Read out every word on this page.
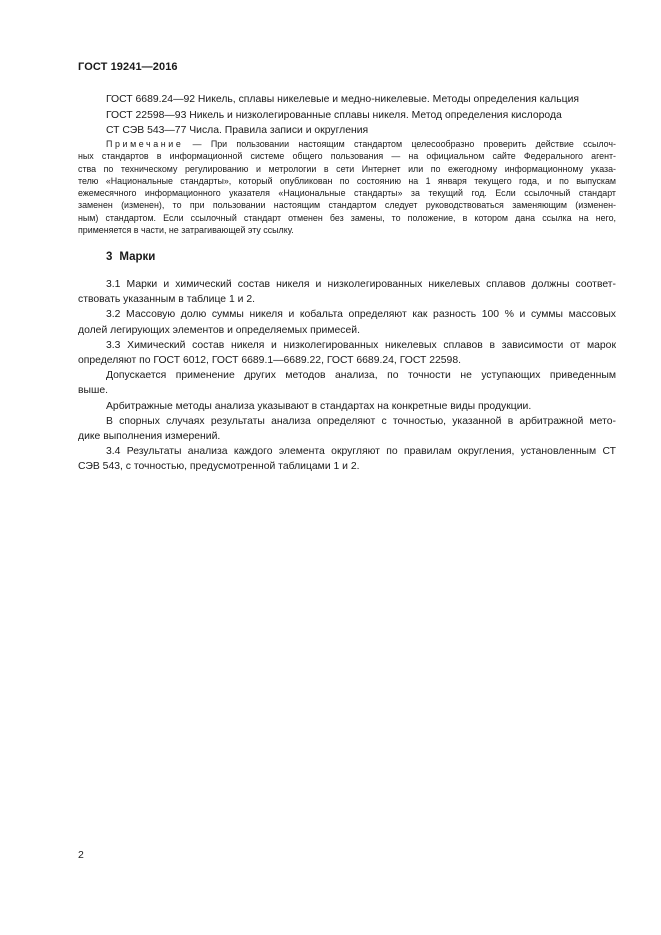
ГОСТ 19241—2016
ГОСТ 6689.24—92 Никель, сплавы никелевые и медно-никелевые. Методы определения кальция
ГОСТ 22598—93 Никель и низколегированные сплавы никеля. Метод определения кислорода
СТ СЭВ 543—77 Числа. Правила записи и округления
Примечание — При пользовании настоящим стандартом целесообразно проверить действие ссылоч-
ных стандартов в информационной системе общего пользования — на официальном сайте Федерального агент-
ства по техническому регулированию и метрологии в сети Интернет или по ежегодному информационному указа-
телю «Национальные стандарты», который опубликован по состоянию на 1 января текущего года, и по выпускам
ежемесячного информационного указателя «Национальные стандарты» за текущий год. Если ссылочный стандарт
заменен (изменен), то при пользовании настоящим стандартом следует руководствоваться заменяющим (изменен-
ным) стандартом. Если ссылочный стандарт отменен без замены, то положение, в котором дана ссылка на него,
применяется в части, не затрагивающей эту ссылку.
3 Марки
3.1 Марки и химический состав никеля и низколегированных никелевых сплавов должны соответ-
ствовать указанным в таблице 1 и 2.
3.2 Массовую долю суммы никеля и кобальта определяют как разность 100 % и суммы массовых
долей легирующих элементов и определяемых примесей.
3.3 Химический состав никеля и низколегированных никелевых сплавов в зависимости от марок
определяют по ГОСТ 6012, ГОСТ 6689.1—6689.22, ГОСТ 6689.24, ГОСТ 22598.
Допускается применение других методов анализа, по точности не уступающих приведенным
выше.
Арбитражные методы анализа указывают в стандартах на конкретные виды продукции.
В спорных случаях результаты анализа определяют с точностью, указанной в арбитражной мето-
дике выполнения измерений.
3.4 Результаты анализа каждого элемента округляют по правилам округления, установленным СТ
СЭВ 543, с точностью, предусмотренной таблицами 1 и 2.
2
